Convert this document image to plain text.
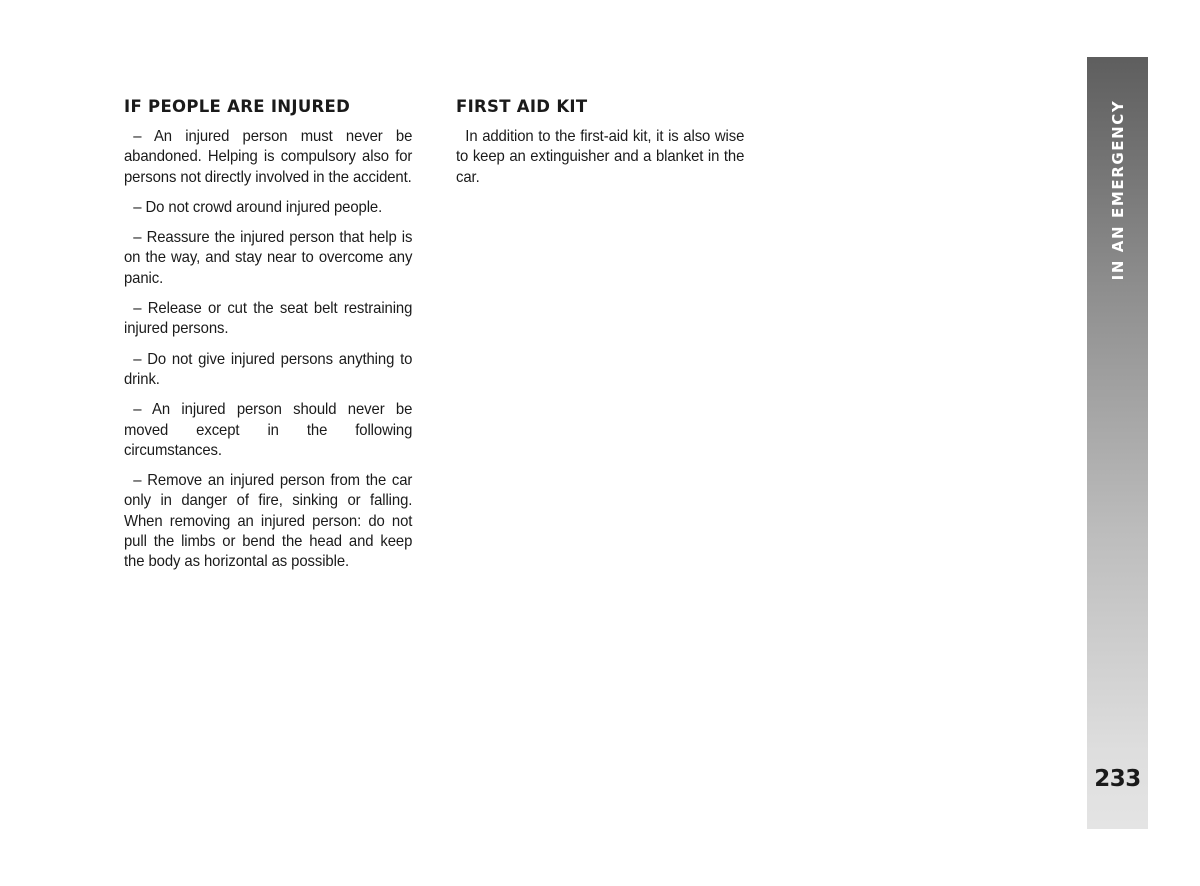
IF PEOPLE ARE INJURED

– An injured person must never be abandoned. Helping is compulsory also for persons not directly involved in the accident.

– Do not crowd around injured people.

– Reassure the injured person that help is on the way, and stay near to overcome any panic.

– Release or cut the seat belt restraining injured persons.

– Do not give injured persons anything to drink.

– An injured person should never be moved except in the following circumstances.

– Remove an injured person from the car only in danger of fire, sinking or falling. When removing an injured person: do not pull the limbs or bend the head and keep the body as horizontal as possible.

FIRST AID KIT

In addition to the first-aid kit, it is also wise to keep an extinguisher and a blanket in the car.	IN AN EMERGENCY
233
